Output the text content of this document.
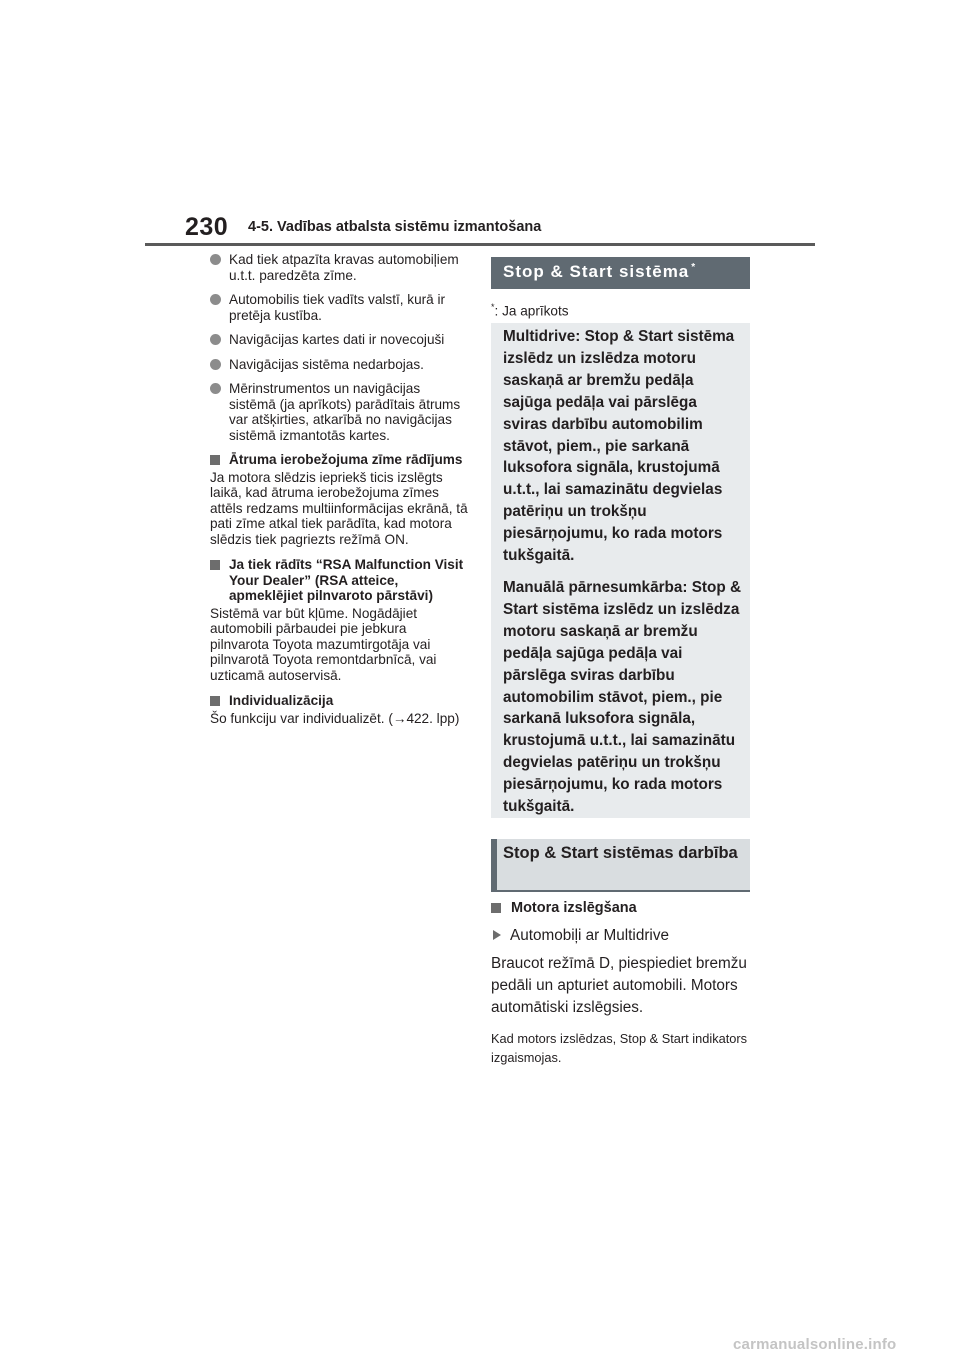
230 4-5. Vadības atbalsta sistēmu izmantošana
Kad tiek atpazīta kravas automobiļiem u.t.t. paredzēta zīme.
Automobilis tiek vadīts valstī, kurā ir pretēja kustība.
Navigācijas kartes dati ir novecojuši
Navigācijas sistēma nedarbojas.
Mērinstrumentos un navigācijas sistēmā (ja aprīkots) parādītais ātrums var atšķirties, atkarībā no navigācijas sistēmā izmantotās kartes.
Ātruma ierobežojuma zīme rādījums
Ja motora slēdzis iepriekš ticis izslēgts laikā, kad ātruma ierobežojuma zīmes attēls redzams multiinformācijas ekrānā, tā pati zīme atkal tiek parādīta, kad motora slēdzis tiek pagriezts režīmā ON.
Ja tiek rādīts “RSA Malfunction Visit Your Dealer” (RSA atteice, apmeklējiet pilnvaroto pārstāvi)
Sistēmā var būt kļūme. Nogādājiet automobili pārbaudei pie jebkura pilnvarota Toyota mazumtirgotāja vai pilnvarotā Toyota remontdarbnīcā, vai uzticamā autoservisā.
Individualizācija
Šo funkciju var individualizēt. (→422. lpp)
Stop & Start sistēma *
*: Ja aprīkots

Multidrive: Stop & Start sistēma izslēdz un izslēdza motoru saskaņā ar bremžu pedāļa sajūga pedāļa vai pārslēga sviras darbību automobilim stāvot, piem., pie sarkanā luksofora signāla, krustojumā u.t.t., lai samazinātu degvielas patēriņu un trokšņu piesārņojumu, ko rada motors tukšgaitā.

Manuālā pārnesumkārba: Stop & Start sistēma izslēdz un izslēdza motoru saskaņā ar bremžu pedāļa sajūga pedāļa vai pārslēga sviras darbību automobilim stāvot, piem., pie sarkanā luksofora signāla, krustojumā u.t.t., lai samazinātu degvielas patēriņu un trokšņu piesārņojumu, ko rada motors tukšgaitā.

Stop & Start sistēmas darbība
Motora izslēgšana
Automobiļi ar Multidrive
Braucot režīmā D, piespiediet bremžu pedāli un apturiet automobili. Motors automātiski izslēgsies.
Kad motors izslēdzas, Stop & Start indikators izgaismojas.
carmanualsonline.info
